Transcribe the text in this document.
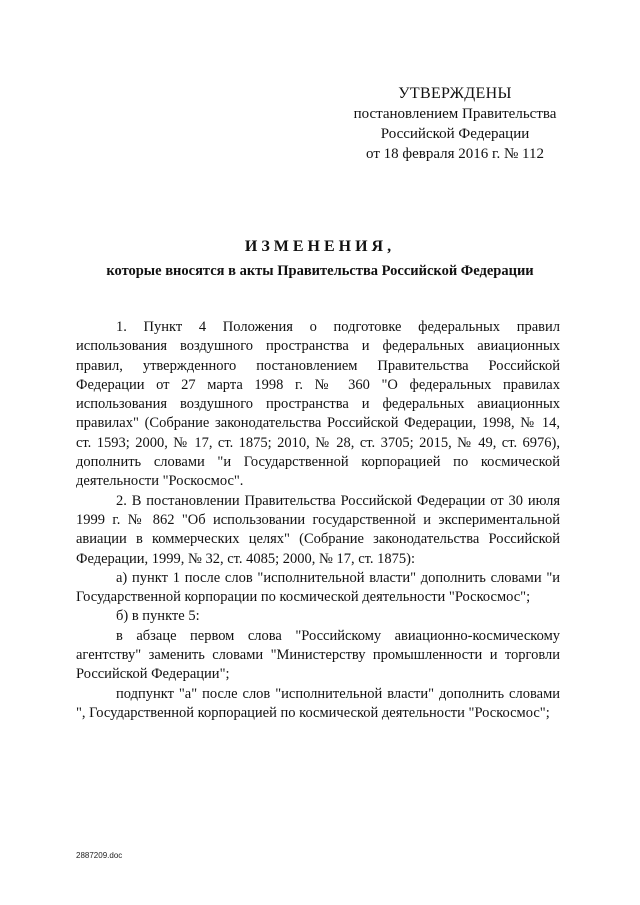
УТВЕРЖДЕНЫ
постановлением Правительства
Российской Федерации
от 18 февраля 2016 г. № 112
ИЗМЕНЕНИЯ,
которые вносятся в акты Правительства Российской Федерации

1. Пункт 4 Положения о подготовке федеральных правил использования воздушного пространства и федеральных авиационных правил, утвержденного постановлением Правительства Российской Федерации от 27 марта 1998 г. № 360 "О федеральных правилах использования воздушного пространства и федеральных авиационных правилах" (Собрание законодательства Российской Федерации, 1998, № 14, ст. 1593; 2000, № 17, ст. 1875; 2010, № 28, ст. 3705; 2015, № 49, ст. 6976), дополнить словами "и Государственной корпорацией по космической деятельности "Роскосмос".

2. В постановлении Правительства Российской Федерации от 30 июля 1999 г. № 862 "Об использовании государственной и экспериментальной авиации в коммерческих целях" (Собрание законодательства Российской Федерации, 1999, № 32, ст. 4085; 2000, № 17, ст. 1875):

а) пункт 1 после слов "исполнительной власти" дополнить словами "и Государственной корпорации по космической деятельности "Роскосмос";

б) в пункте 5:

в абзаце первом слова "Российскому авиационно-космическому агентству" заменить словами "Министерству промышленности и торговли Российской Федерации";

подпункт "а" после слов "исполнительной власти" дополнить словами ", Государственной корпорацией по космической деятельности "Роскосмос";

2887209.doc
